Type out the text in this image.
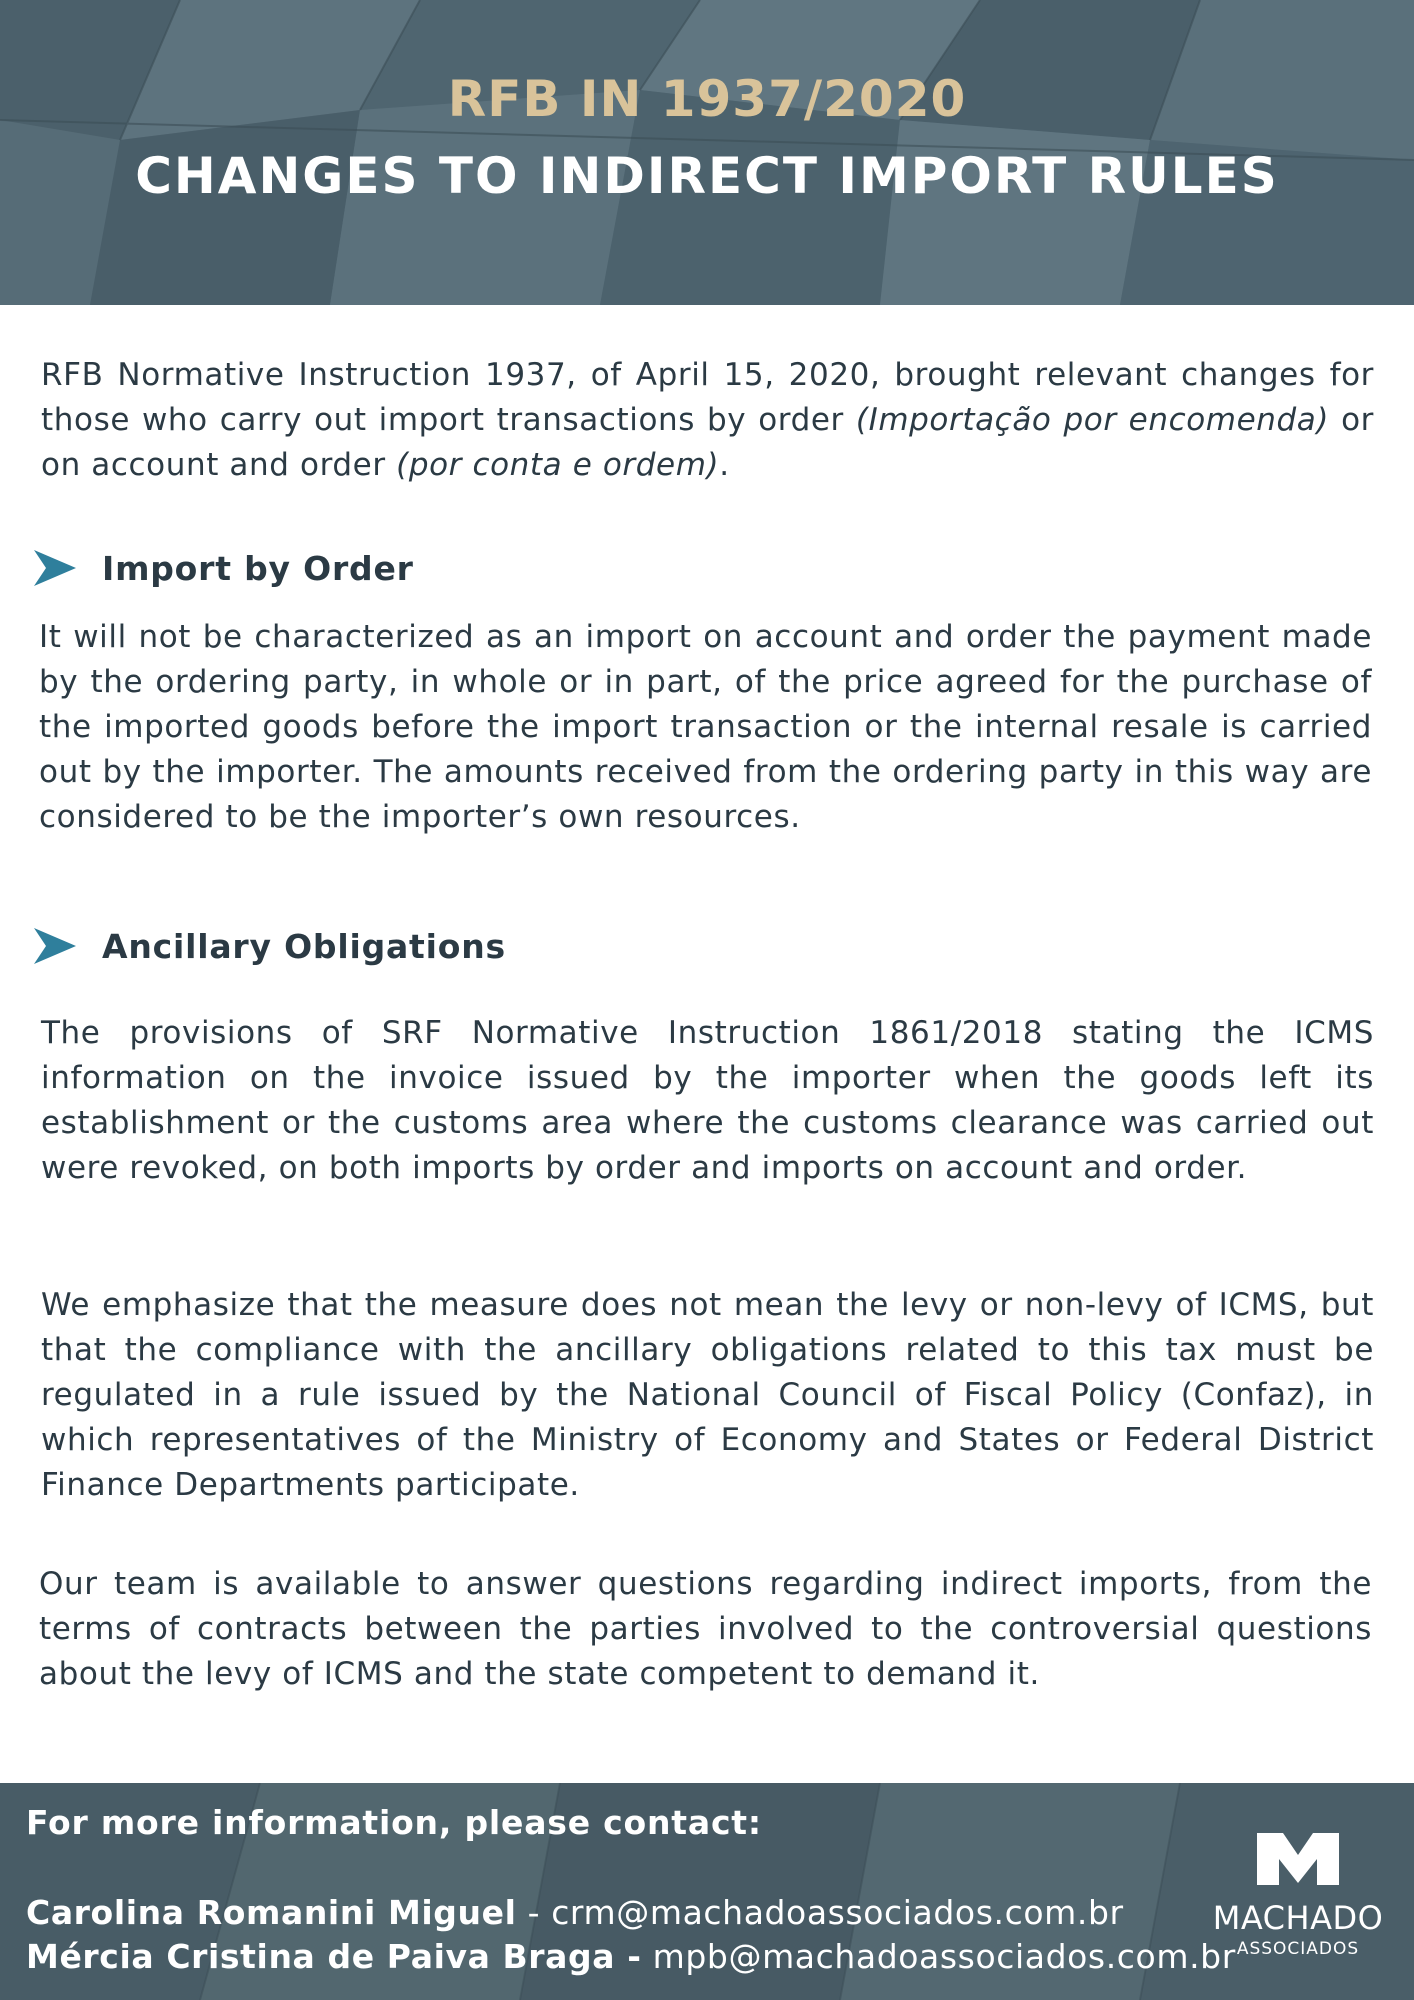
RFB IN 1937/2020
CHANGES TO INDIRECT IMPORT RULES

RFB Normative Instruction 1937, of April 15, 2020, brought relevant changes for those who carry out import transactions by order (Importação por encomenda) or on account and order (por conta e ordem).

Import by Order

It will not be characterized as an import on account and order the payment made by the ordering party, in whole or in part, of the price agreed for the purchase of the imported goods before the import transaction or the internal resale is carried out by the importer. The amounts received from the ordering party in this way are considered to be the importer’s own resources.

Ancillary Obligations

The provisions of SRF Normative Instruction 1861/2018 stating the ICMS information on the invoice issued by the importer when the goods left its establishment or the customs area where the customs clearance was carried out were revoked, on both imports by order and imports on account and order.

We emphasize that the measure does not mean the levy or non-levy of ICMS, but that the compliance with the ancillary obligations related to this tax must be regulated in a rule issued by the National Council of Fiscal Policy (Confaz), in which representatives of the Ministry of Economy and States or Federal District Finance Departments participate.

Our team is available to answer questions regarding indirect imports, from the terms of contracts between the parties involved to the controversial questions about the levy of ICMS and the state competent to demand it.

For more information, please contact:
Carolina Romanini Miguel - crm@machadoassociados.com.br
Mércia Cristina de Paiva Braga - mpb@machadoassociados.com.br
MACHADO
ASSOCIADOS
